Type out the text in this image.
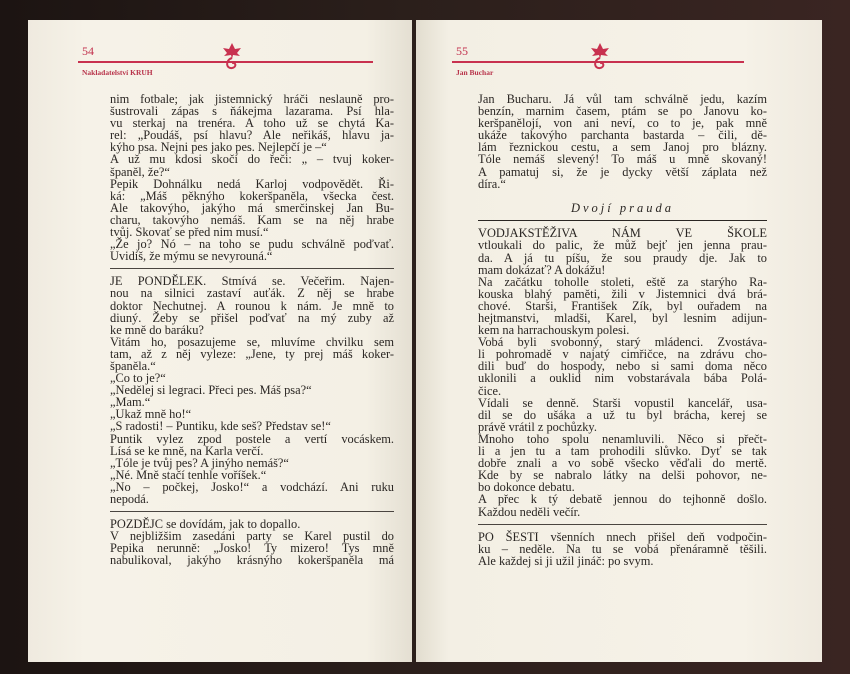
54
Nakladatelství KRUH
nim fotbale; jak jistemnický hráči neslauně pro-
šustrovali zápas s ňákejma lazarama. Psí hla-
vu sterkaj na trenéra. A toho už se chytá Ka-
rel: „Poudáš, psí hlavu? Ale neřikáš, hlavu ja-
kýho psa. Nejni pes jako pes. Nejlepčí je –“
A už mu kdosi skočí do řeči: „ – tvuj koker-
španěl, že?“
Pepik Dohnálku nedá Karloj vodpovědět. Ři-
ká: „Máš pěknýho kokeršpaněla, všecka čest.
Ale takovýho, jakýho má smerčinskej Jan Bu-
charu, takovýho nemáš. Kam se na něj hrabe
tvůj. Skovať se před nim musí.“
„Že jo? Nó – na toho se pudu schválně poďvať.
Uvidíš, že mýmu se nevyrouná.“
JE PONDĚLEK. Stmívá se. Večeřim. Najen-
nou na silnici zastaví auťák. Z něj se hrabe
doktor Nechutnej. A rounou k nám. Je mně to
diuný. Žeby se přišel poďvať na mý zuby až
ke mně do baráku?
Vitám ho, posazujeme se, mluvíme chvilku sem
tam, až z něj vyleze: „Jene, ty prej máš koker-
španěla.“
„Co to je?“
„Nedělej si legraci. Přeci pes. Máš psa?“
„Mam.“
„Ukaž mně ho!“
„S radosti! – Puntiku, kde seš? Představ se!“
Puntik vylez zpod postele a vertí vocáskem.
Lísá se ke mně, na Karla verčí.
„Tóle je tvůj pes? A jinýho nemáš?“
„Né. Mně stačí tenhle voříšek.“
„No – počkej, Josko!“ a vodchází. Ani ruku
nepodá.
POZDĚJC se dovídám, jak to dopallo.
V nejbližšim zasedáni party se Karel pustil do
Pepika nerunně: „Josko! Ty mizero! Tys mně
nabulikoval, jakýho krásnýho kokeršpaněla má
55
Jan Buchar
Jan Bucharu. Já vůl tam schválně jedu, kazím
benzín, marnim časem, ptám se po Janovu ko-
keršpanělojí, von ani neví, co to je, pak mně
ukáže takovýho parchanta bastarda – čili, dě-
lám řeznickou cestu, a sem Janoj pro blázny.
Tóle nemáš slevený! To máš u mně skovaný!
A pamatuj si, že je dycky větší záplata než
díra.“
Dvojí prauda
VODJAKSTĚŽIVA NÁM VE ŠKOLE
vtloukali do palic, že můž bejť jen jenna prau-
da. A já tu píšu, že sou praudy dje. Jak to
mam dokázať? A dokážu!
Na začátku toholle stoleti, eště za starýho Ra-
kouska blahý paměti, žili v Jistemnici dvá brá-
chové. Starši, František Zík, byl ouřadem na
hejtmanstvi, mladši, Karel, byl lesnim adijun-
kem na harrachouskym polesi.
Vobá byli svobonný, starý mládenci. Zvostáva-
li pohromadě v najatý cimřičce, na zdrávu cho-
dili buď do hospody, nebo si sami doma něco
uklonili a ouklid nim vobstarávala bába Polá-
čice.
Vídali se denně. Starši vopustil kancelář, usa-
dil se do ušáka a už tu byl brácha, kerej se
právě vrátil z pochůzky.
Mnoho toho spolu nenamluvili. Něco si přečt-
li a jen tu a tam prohodili slůvko. Dyť se tak
dobře znali a vo sobě všecko věďali do mertě.
Kde by se nabralo látky na delši pohovor, ne-
bo dokonce debatu.
A přec k tý debatě jennou do tejhonně došlo.
Každou neděli večír.
PO ŠESTI všenních nnech přišel deň vodpočin-
ku – neděle. Na tu se vobá přenáramně těšili.
Ale každej si ji užil jináč: po svym.
